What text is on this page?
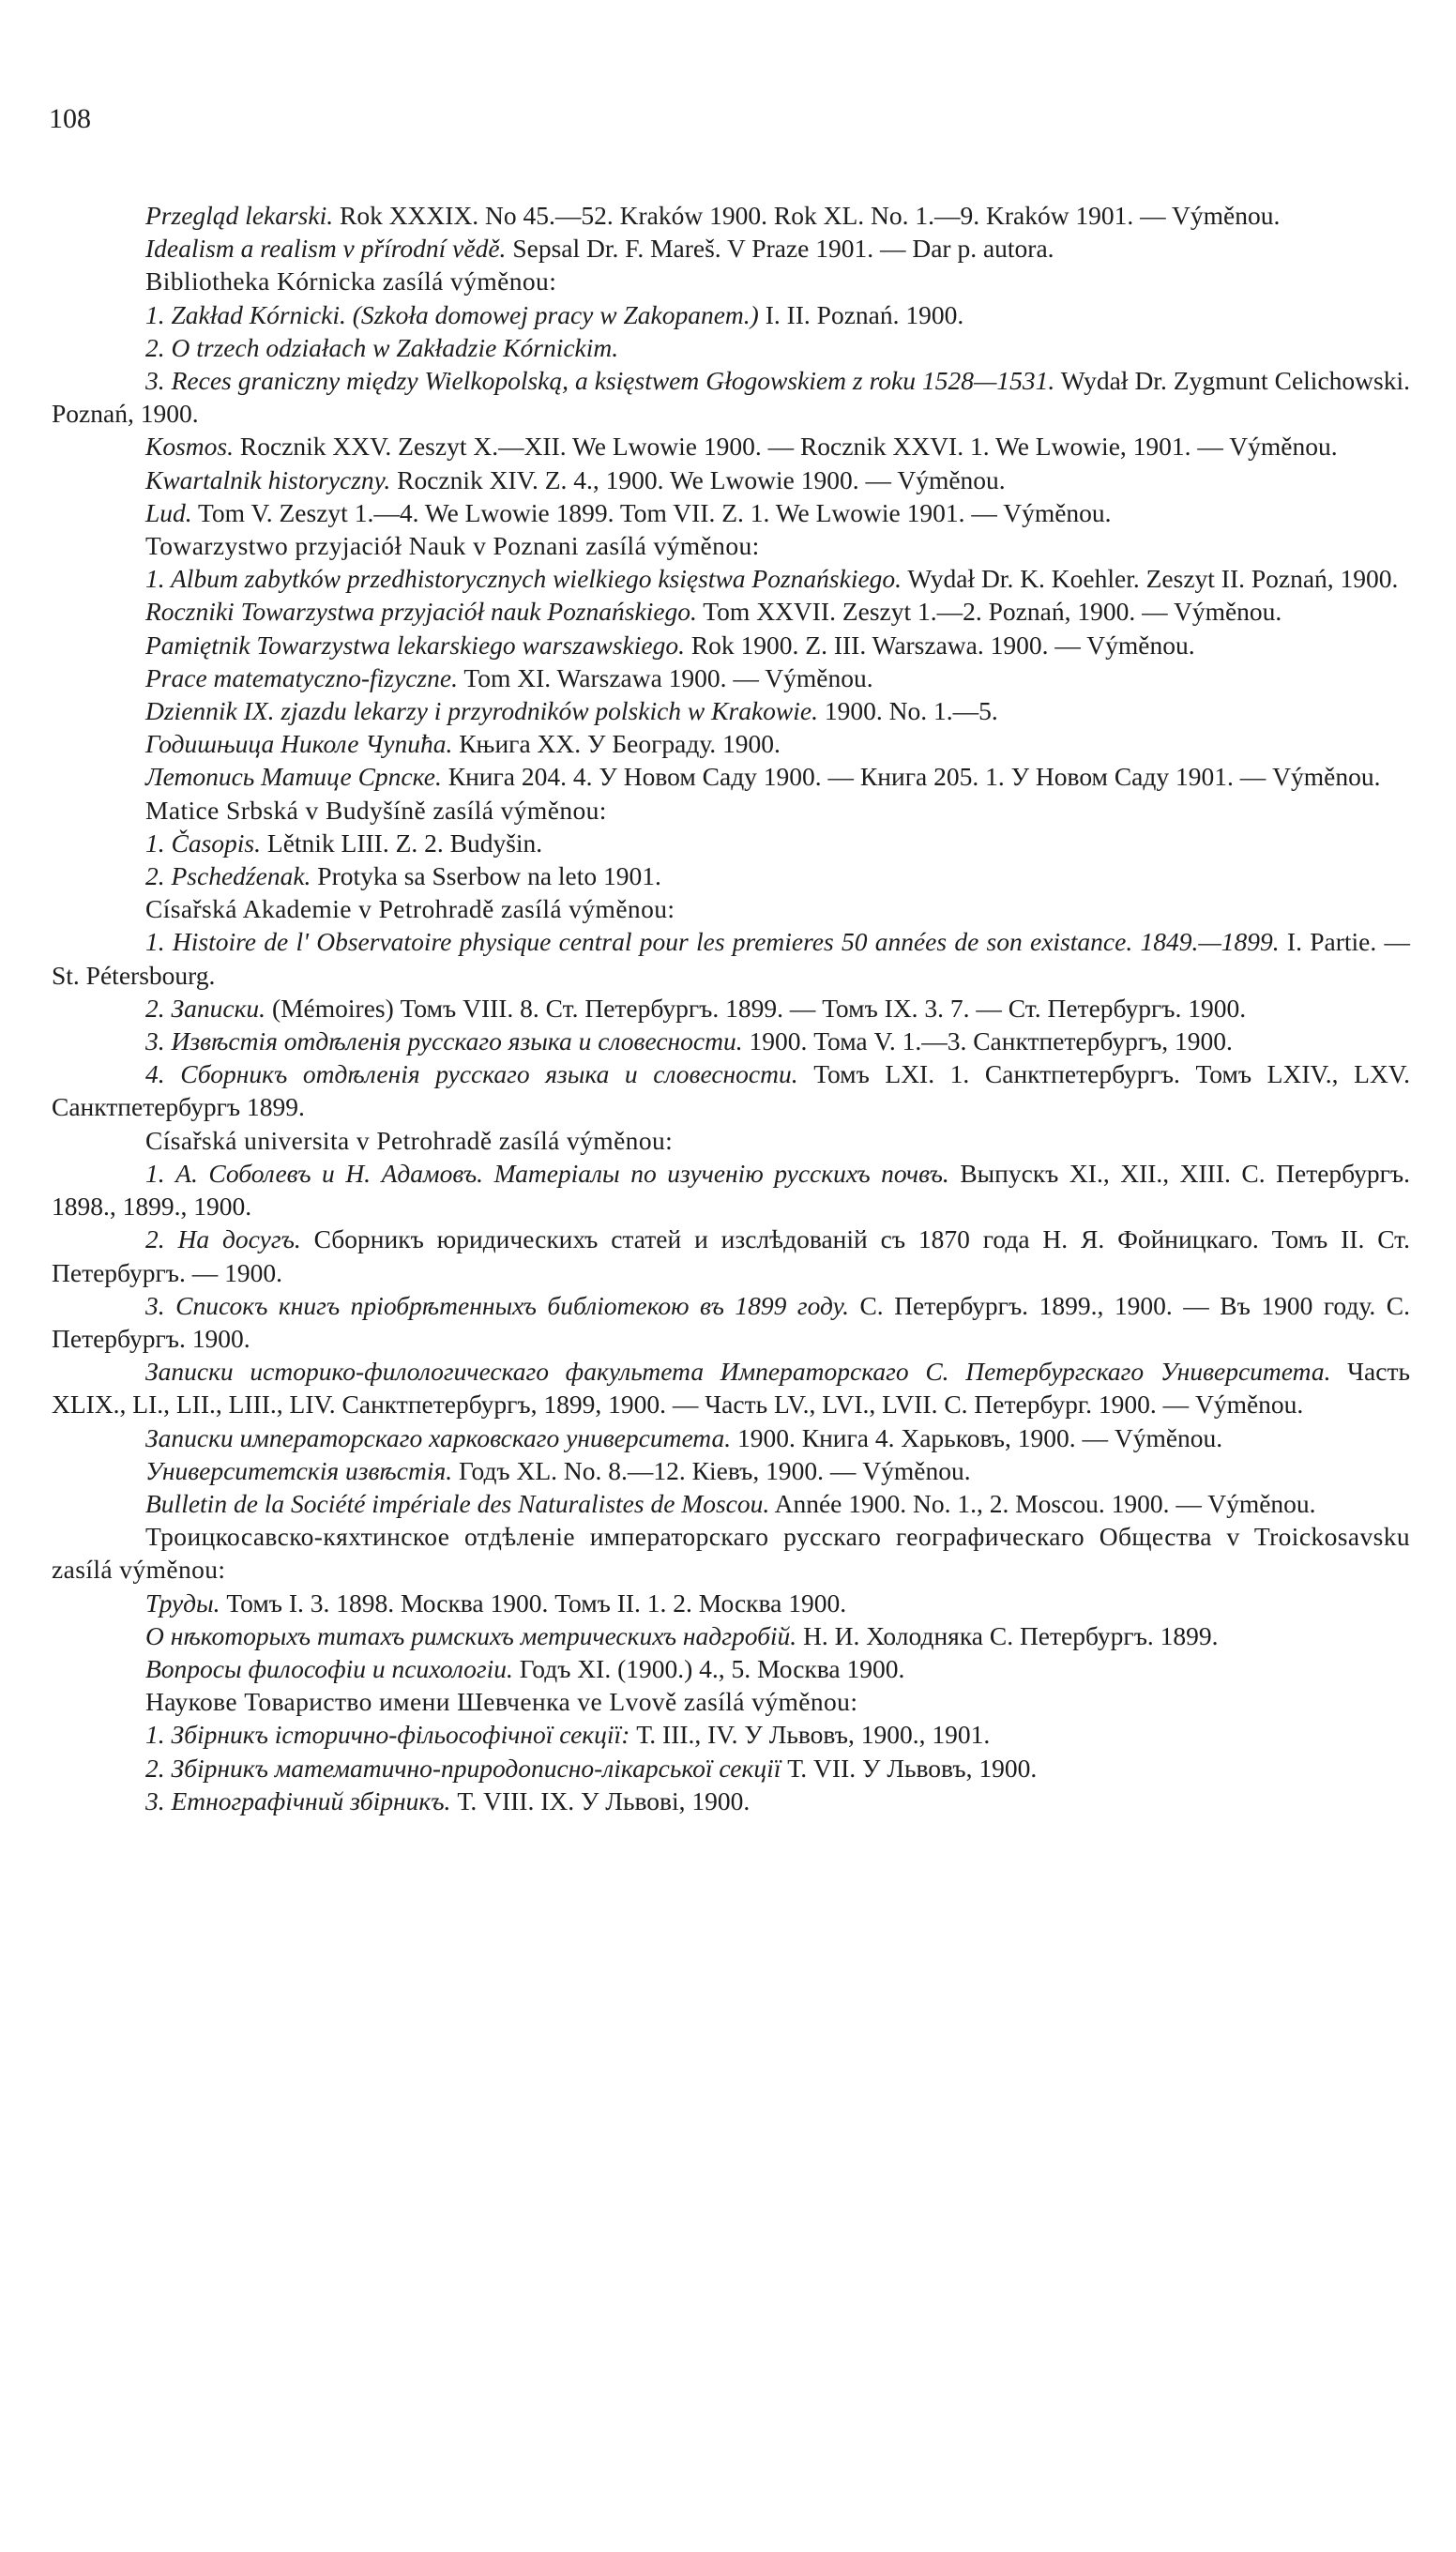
108

Przegląd lekarski. Rok XXXIX. No 45.—52. Kraków 1900. Rok XL. No. 1.—9. Kraków 1901. — Výměnou.

Idealism a realism v přírodní vědě. Sepsal Dr. F. Mareš. V Praze 1901. — Dar p. autora.

Bibliotheka Kórnicka zasílá výměnou:

1. Zakład Kórnicki. (Szkoła domowej pracy w Zakopanem.) I. II. Poznań. 1900.

2. O trzech odziałach w Zakładzie Kórnickim.

3. Reces graniczny między Wielkopolską, a księstwem Głogowskiem z roku 1528—1531. Wydał Dr. Zygmunt Celichowski. Poznań, 1900.

Kosmos. Rocznik XXV. Zeszyt X.—XII. We Lwowie 1900. — Rocznik XXVI. 1. We Lwowie, 1901. — Výměnou.

Kwartalnik historyczny. Rocznik XIV. Z. 4., 1900. We Lwowie 1900. — Výměnou.

Lud. Tom V. Zeszyt 1.—4. We Lwowie 1899. Tom VII. Z. 1. We Lwowie 1901. — Výměnou.

Towarzystwo przyjaciół Nauk v Poznani zasílá výměnou:

1. Album zabytków przedhistorycznych wielkiego księstwa Poznańskiego. Wydał Dr. K. Koehler. Zeszyt II. Poznań, 1900.

Roczniki Towarzystwa przyjaciół nauk Poznańskiego. Tom XXVII. Zeszyt 1.—2. Poznań, 1900. — Výměnou.

Pamiętnik Towarzystwa lekarskiego warszawskiego. Rok 1900. Z. III. Warszawa. 1900. — Výměnou.

Prace matematyczno-fizyczne. Tom XI. Warszawa 1900. — Výměnou.

Dziennik IX. zjazdu lekarzy i przyrodników polskich w Krakowie. 1900. No. 1.—5.

Годишњица Николе Чупића. Књига XX. У Београду. 1900.

Летопись Матице Српске. Книга 204. 4. У Новом Саду 1900. — Книга 205. 1. У Новом Саду 1901. — Výměnou.

Matice Srbská v Budyšíně zasílá výměnou:

1. Časopis. Lětnik LIII. Z. 2. Budyšin.

2. Pschedźenak. Protyka sa Sserbow na leto 1901.

Císařská Akademie v Petrohradě zasílá výměnou:

1. Histoire de l' Observatoire physique central pour les premieres 50 années de son existance. 1849.—1899. I. Partie. — St. Pétersbourg.

2. Записки. (Mémoires) Томъ VIII. 8. Ст. Петербургъ. 1899. — Томъ IX. 3. 7. — Ст. Петербургъ. 1900.

3. Извѣстія отдѣленія русскаго языка и словесности. 1900. Тома V. 1.—3. Санктпетербургъ, 1900.

4. Сборникъ отдѣленія русскаго языка и словесности. Томъ LXI. 1. Санктпетербургъ. Томъ LXIV., LXV. Санктпетербургъ 1899.

Císařská universita v Petrohradě zasílá výměnou:

1. А. Соболевъ и Н. Адамовъ. Матеріалы по изученію русскихъ почвъ. Выпускъ XI., XII., XIII. С. Петербургъ. 1898., 1899., 1900.

2. На досугъ. Сборникъ юридическихъ статей и изслѣдованій съ 1870 года Н. Я. Фойницкаго. Томъ II. Ст. Петербургъ. — 1900.

3. Списокъ книгъ пріобрѣтенныхъ библіотекою въ 1899 году. С. Петербургъ. 1899., 1900. — Въ 1900 году. С. Петербургъ. 1900.

Записки историко-филологическаго факультета Императорскаго С. Петербургскаго Университета. Часть XLIX., LI., LII., LIII., LIV. Санктпетербургъ, 1899, 1900. — Часть LV., LVI., LVII. С. Петербург. 1900. — Výměnou.

Записки императорскаго харковскаго университета. 1900. Книга 4. Харьковъ, 1900. — Výměnou.

Университетскія извѣстія. Годъ XL. No. 8.—12. Кіевъ, 1900. — Výměnou.

Bulletin de la Société impériale des Naturalistes de Moscou. Année 1900. No. 1., 2. Moscou. 1900. — Výměnou.

Троицкосавско-кяхтинское отдѣленіе императорскаго русскаго географическаго Общества v Troickosavsku zasílá výměnou:

Труды. Томъ I. 3. 1898. Москва 1900. Томъ II. 1. 2. Москва 1900.

О нѣкоторыхъ титахъ римскихъ метрическихъ надгробій. Н. И. Холодняка С. Петербургъ. 1899.

Вопросы философіи и психологіи. Годъ XI. (1900.) 4., 5. Москва 1900.

Наукове Товариство имени Шевченка ve Lvově zasílá výměnou:

1. Збірникъ історично-фільософічної секції: Т. III., IV. У Львовъ, 1900., 1901.

2. Збірникъ математично-природописно-лікарської секції Т. VII. У Львовъ, 1900.

3. Етнографічний збірникъ. Т. VIII. IX. У Львові, 1900.
